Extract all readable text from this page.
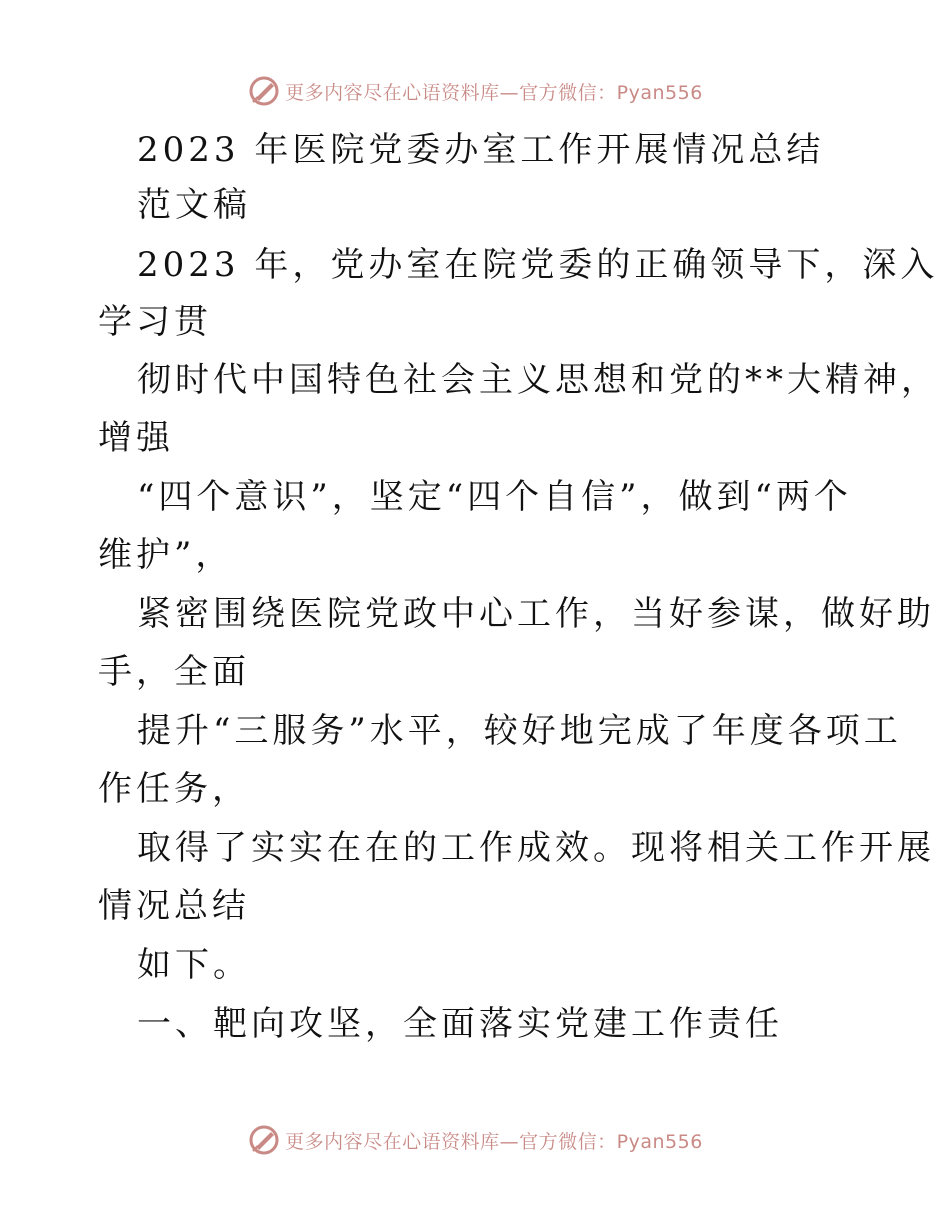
更多内容尽在心语资料库—官方微信：Pyan556
2023 年医院党委办室工作开展情况总结
范文稿
2023 年，党办室在院党委的正确领导下，深入
学习贯
彻时代中国特色社会主义思想和党的**大精神，
增强
“四个意识”，坚定“四个自信”，做到“两个
维护”，
紧密围绕医院党政中心工作，当好参谋，做好助
手，全面
提升“三服务”水平，较好地完成了年度各项工
作任务，
取得了实实在在的工作成效。现将相关工作开展
情况总结
如下。
一、靶向攻坚，全面落实党建工作责任
更多内容尽在心语资料库—官方微信：Pyan556
